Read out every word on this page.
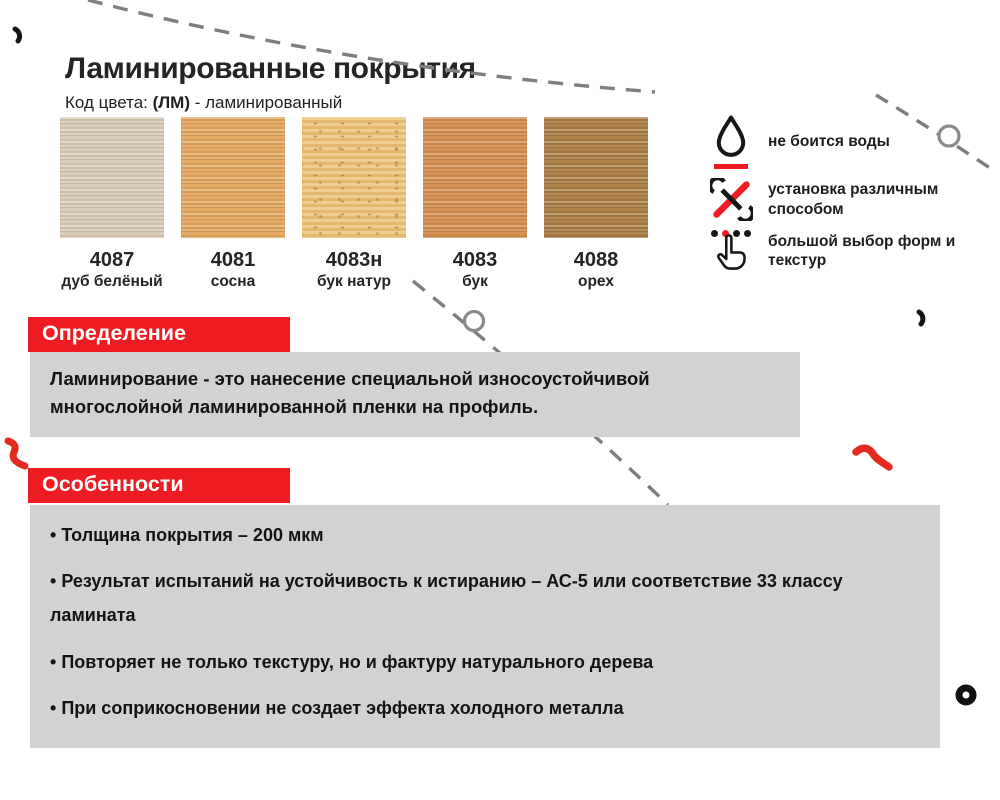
Ламинированные покрытия
Код цвета: (ЛМ) - ламинированный
4087
дуб белёный
4081
сосна
4083н
бук натур
4083
бук
4088
орех
не боится воды
установка различным способом
большой выбор форм и текстур
Определение
Ламинирование - это нанесение специальной износоустойчивой многослойной ламинированной пленки на профиль.
Особенности

• Толщина покрытия – 200 мкм

• Результат испытаний на устойчивость к истиранию – АС-5 или соответствие 33 классу ламината

• Повторяет не только текстуру, но и фактуру натурального дерева

• При соприкосновении не создает эффекта холодного металла
